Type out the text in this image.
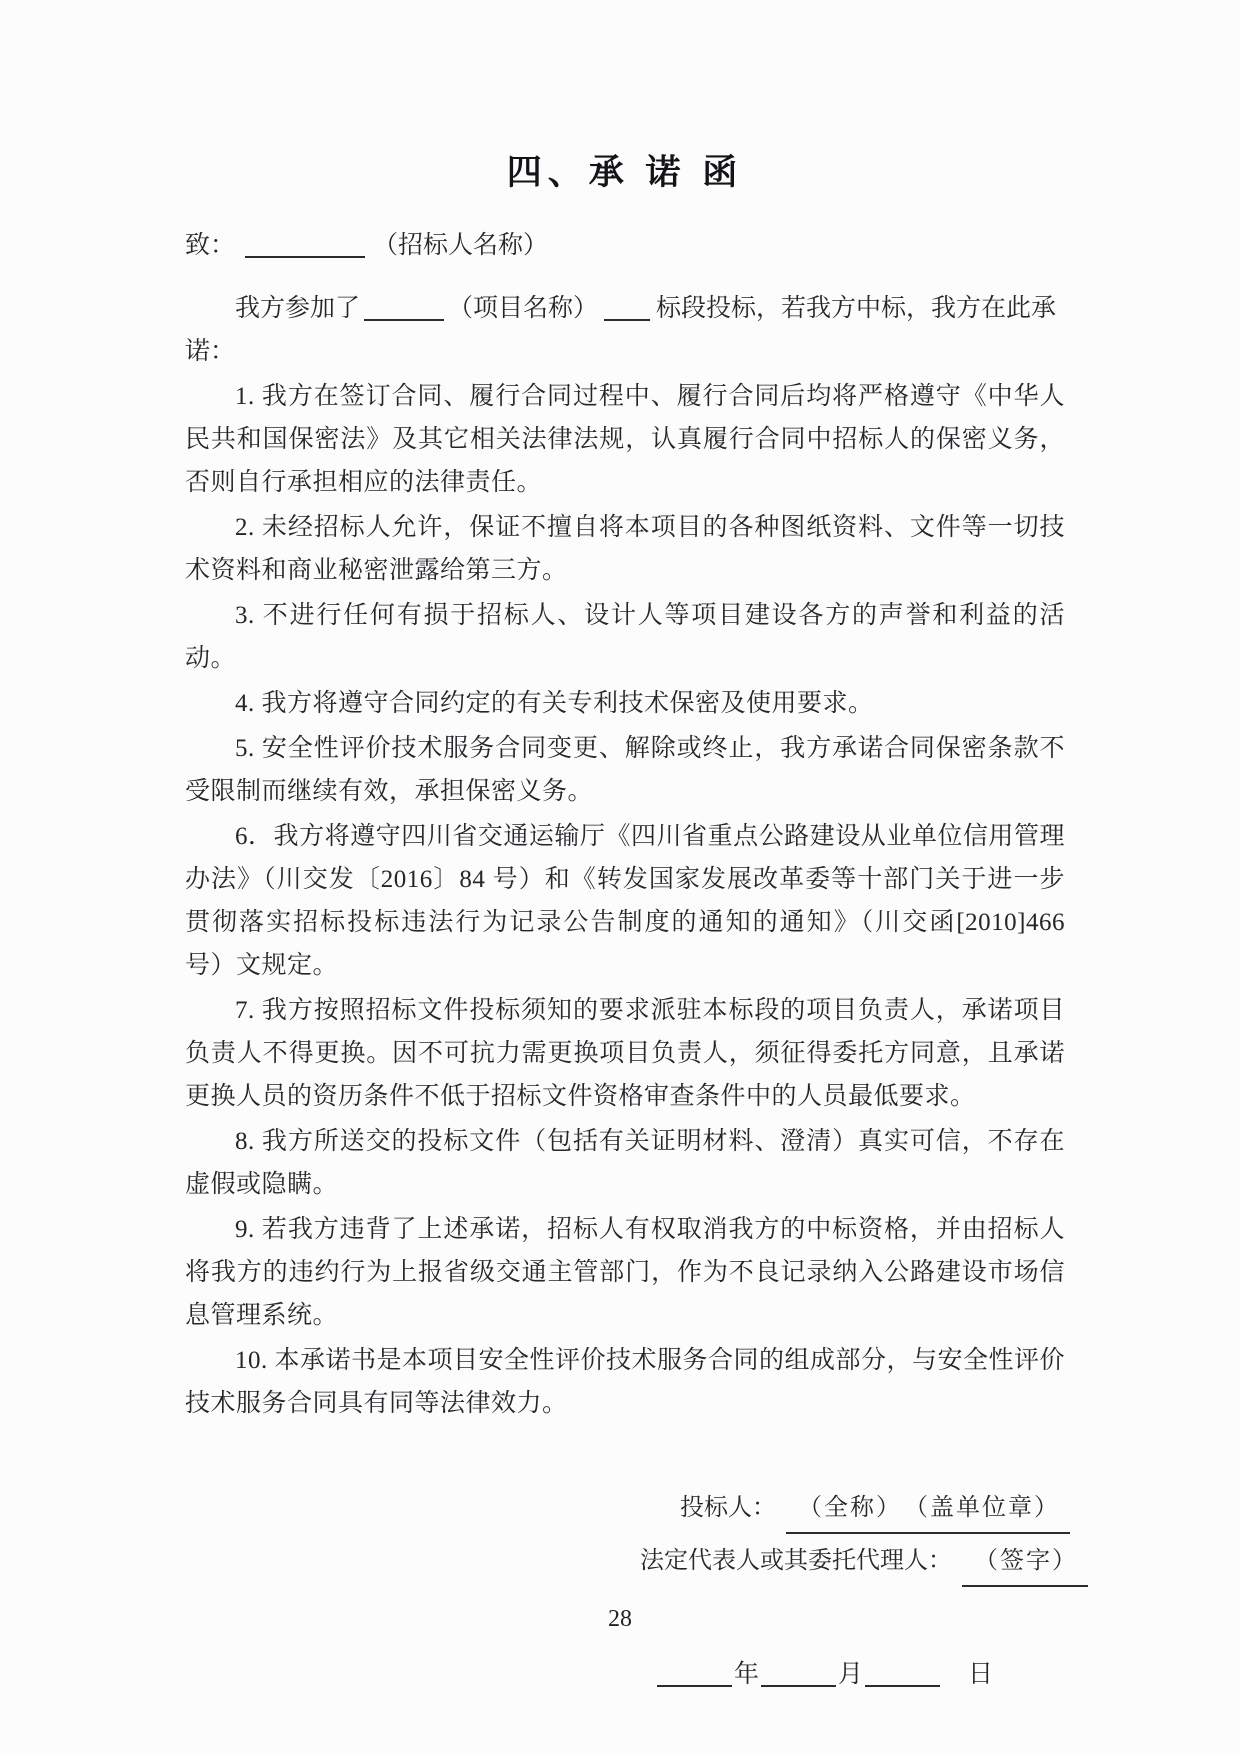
四、承 诺 函
致：	（招标人名称）

我方参加了	（项目名称） 标段投标，若我方中标，我方在此承诺：

1. 我方在签订合同、履行合同过程中、履行合同后均将严格遵守《中华人民共和国保密法》及其它相关法律法规，认真履行合同中招标人的保密义务，否则自行承担相应的法律责任。

2. 未经招标人允许，保证不擅自将本项目的各种图纸资料、文件等一切技术资料和商业秘密泄露给第三方。

3. 不进行任何有损于招标人、设计人等项目建设各方的声誉和利益的活动。

4. 我方将遵守合同约定的有关专利技术保密及使用要求。

5. 安全性评价技术服务合同变更、解除或终止，我方承诺合同保密条款不受限制而继续有效，承担保密义务。

6．我方将遵守四川省交通运输厅《四川省重点公路建设从业单位信用管理办法》（川交发〔2016〕84 号）和《转发国家发展改革委等十部门关于进一步贯彻落实招标投标违法行为记录公告制度的通知的通知》（川交函[2010]466 号）文规定。

7. 我方按照招标文件投标须知的要求派驻本标段的项目负责人，承诺项目负责人不得更换。因不可抗力需更换项目负责人，须征得委托方同意，且承诺更换人员的资历条件不低于招标文件资格审查条件中的人员最低要求。

8. 我方所送交的投标文件（包括有关证明材料、澄清）真实可信，不存在虚假或隐瞒。

9. 若我方违背了上述承诺，招标人有权取消我方的中标资格，并由招标人将我方的违约行为上报省级交通主管部门，作为不良记录纳入公路建设市场信息管理系统。

10. 本承诺书是本项目安全性评价技术服务合同的组成部分，与安全性评价技术服务合同具有同等法律效力。

投标人： （全称）　（盖单位章）
法定代表人或其委托代理人： （签字）
年	月	日
28
